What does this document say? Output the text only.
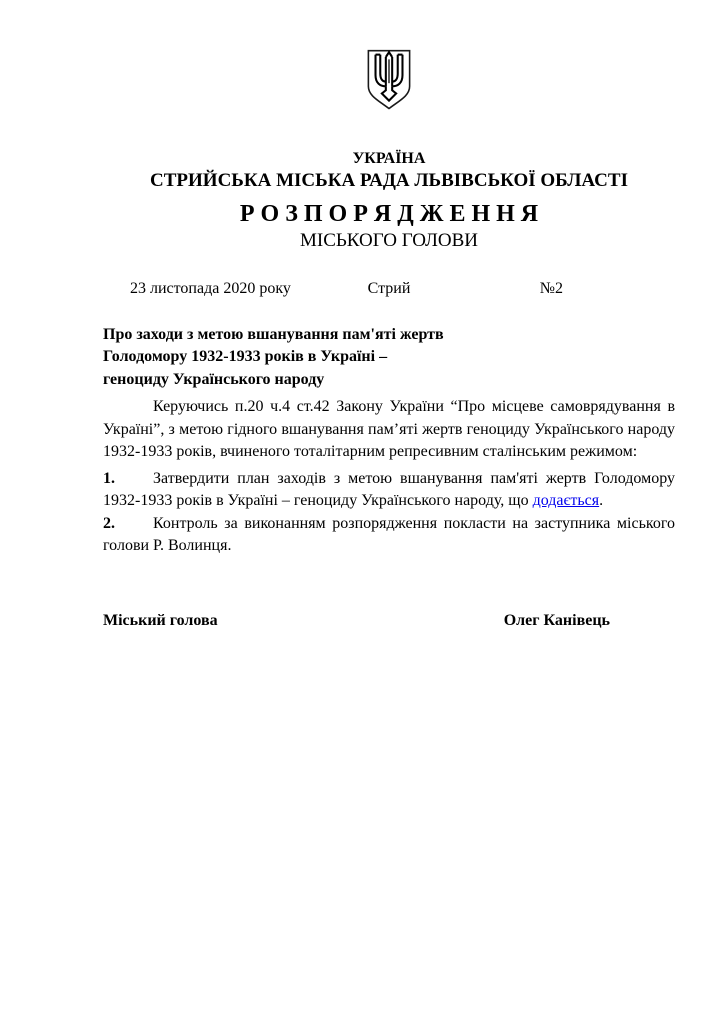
УКРАЇНА
СТРИЙСЬКА МІСЬКА РАДА ЛЬВІВСЬКОЇ ОБЛАСТІ
Р О З П О Р Я Д Ж Е Н Н Я
МІСЬКОГО ГОЛОВИ
23 листопада 2020 року	Стрий	№2
Про заходи з метою вшанування пам'яті жертв
Голодомору 1932-1933 років в Україні –
геноциду Українського народу

Керуючись п.20 ч.4 ст.42 Закону України “Про місцеве самоврядування в Україні”, з метою гідного вшанування пам’яті жертв геноциду Українського народу 1932-1933 років, вчиненого тоталітарним репресивним сталінським режимом:

1. Затвердити план заходів з метою вшанування пам'яті жертв Голодомору 1932-1933 років в Україні – геноциду Українського народу, що додається.

2. Контроль за виконанням розпорядження покласти на заступника міського голови Р. Волинця.

Міський голова	Олег Канівець
